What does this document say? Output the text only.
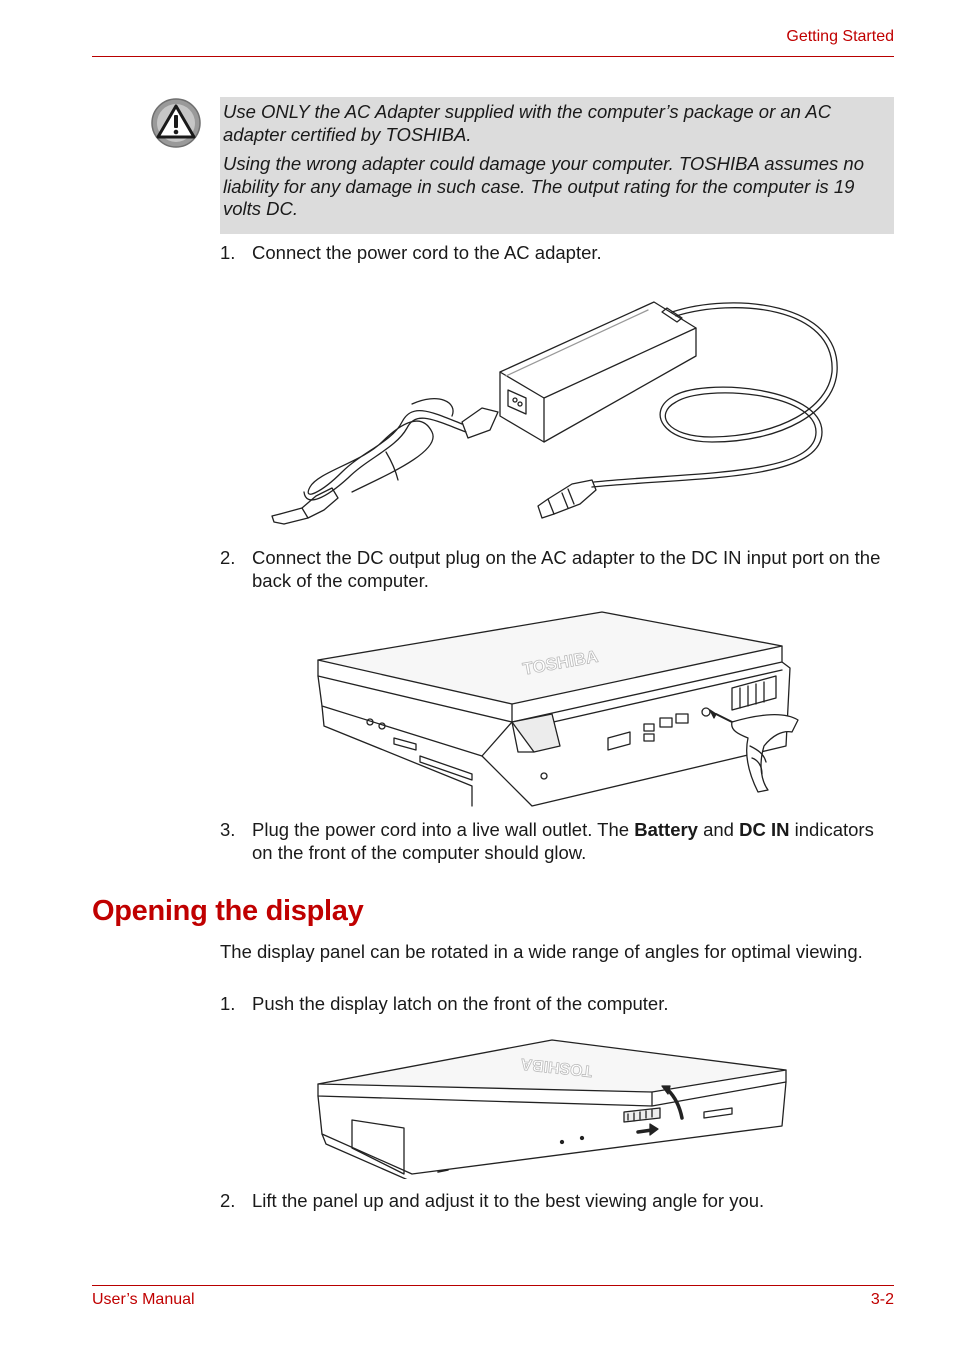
Getting Started

Use ONLY the AC Adapter supplied with the computer’s package or an AC adapter certified by TOSHIBA.

Using the wrong adapter could damage your computer. TOSHIBA assumes no liability for any damage in such case. The output rating for the computer is 19 volts DC.

1. Connect the power cord to the AC adapter.
2. Connect the DC output plug on the AC adapter to the DC IN input port on the back of the computer.
TOSHIBA
3. Plug the power cord into a live wall outlet. The Battery and DC IN indicators on the front of the computer should glow.
Opening the display
The display panel can be rotated in a wide range of angles for optimal viewing.
1. Push the display latch on the front of the computer.
TOSHIBA
2. Lift the panel up and adjust it to the best viewing angle for you.
User’s Manual	3-2
